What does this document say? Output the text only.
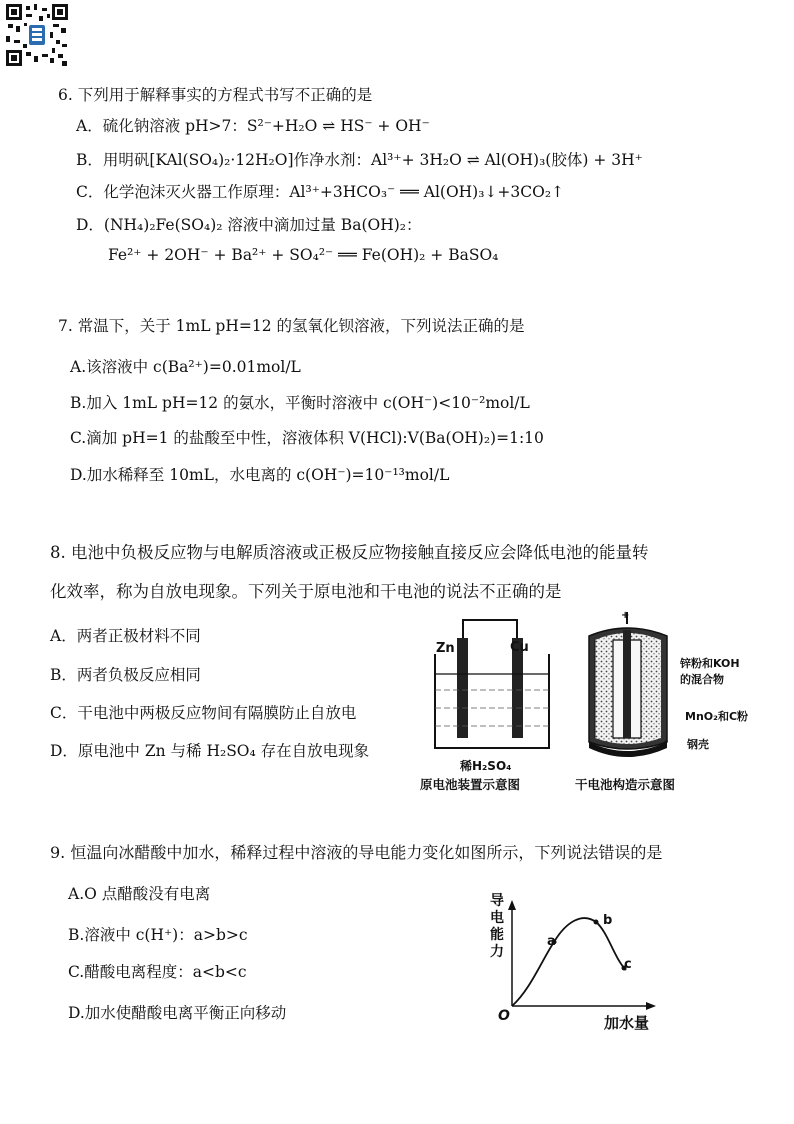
6. 下列用于解释事实的方程式书写不正确的是
A．硫化钠溶液 pH>7：S²⁻+H₂O ⇌ HS⁻ + OH⁻
B．用明矾[KAl(SO₄)₂·12H₂O]作净水剂：Al³⁺+ 3H₂O ⇌ Al(OH)₃(胶体) + 3H⁺
C．化学泡沫灭火器工作原理：Al³⁺+3HCO₃⁻ ══ Al(OH)₃↓+3CO₂↑
D．(NH₄)₂Fe(SO₄)₂ 溶液中滴加过量 Ba(OH)₂：
Fe²⁺ + 2OH⁻ + Ba²⁺ + SO₄²⁻ ══ Fe(OH)₂ + BaSO₄
7. 常温下，关于 1mL pH=12 的氢氧化钡溶液，下列说法正确的是
A.该溶液中 c(Ba²⁺)=0.01mol/L
B.加入 1mL pH=12 的氨水，平衡时溶液中 c(OH⁻)<10⁻²mol/L
C.滴加 pH=1 的盐酸至中性，溶液体积 V(HCl):V(Ba(OH)₂)=1:10
D.加水稀释至 10mL，水电离的 c(OH⁻)=10⁻¹³mol/L
8. 电池中负极反应物与电解质溶液或正极反应物接触直接反应会降低电池的能量转
化效率，称为自放电现象。下列关于原电池和干电池的说法不正确的是
A．两者正极材料不同
B．两者负极反应相同
C．干电池中两极反应物间有隔膜防止自放电
D．原电池中 Zn 与稀 H₂SO₄ 存在自放电现象
Zn	Cu
稀H₂SO₄
原电池装置示意图
+
-
锌粉和KOH
的混合物
MnO₂和C粉
钢壳
干电池构造示意图
9. 恒温向冰醋酸中加水，稀释过程中溶液的导电能力变化如图所示，下列说法错误的是
A.O 点醋酸没有电离
B.溶液中 c(H⁺)：a>b>c
C.醋酸电离程度：a<b<c
D.加水使醋酸电离平衡正向移动
导
电
能
力
a
b
c
O	加水量
